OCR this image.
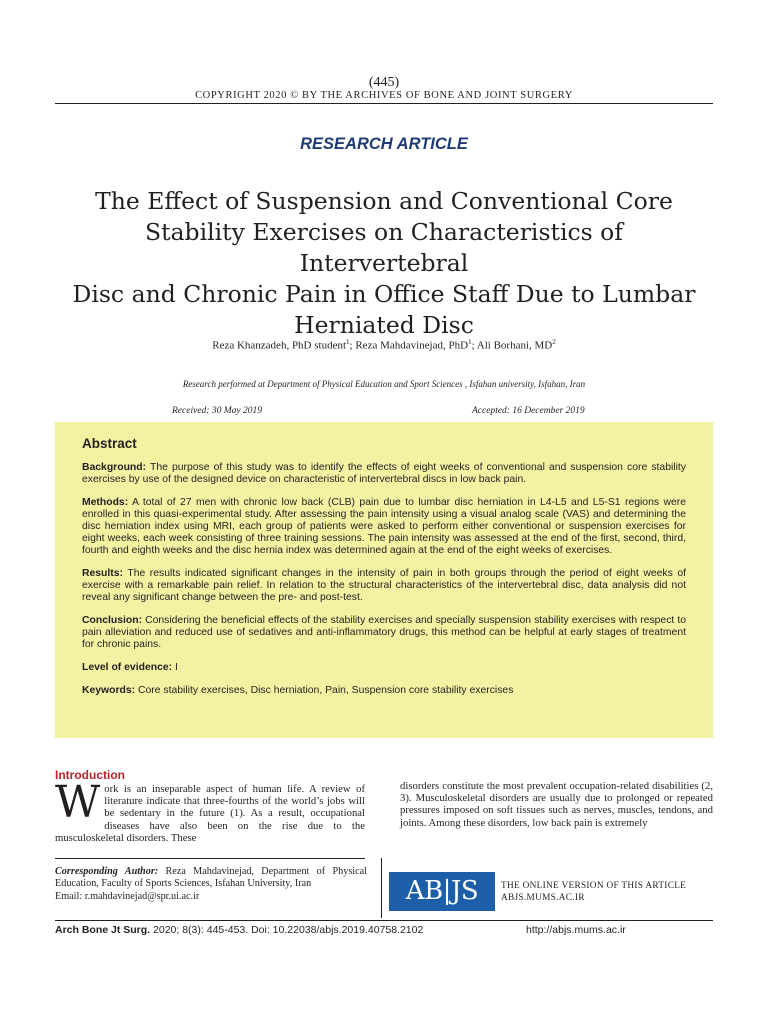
(445)
COPYRIGHT 2020 © BY THE ARCHIVES OF BONE AND JOINT SURGERY
RESEARCH ARTICLE
The Effect of Suspension and Conventional Core
Stability Exercises on Characteristics of Intervertebral
Disc and Chronic Pain in Office Staff Due to Lumbar
Herniated Disc
Reza Khanzadeh, PhD student$^1$; Reza Mahdavinejad, PhD$^1$; Ali Borhani, $MD^2$
Research performed at Department of Physical Education and Sport Sciences , Isfahan university, Isfahan, Iran
Received: 30 May 2019	Accepted: 16 December 2019
Abstract

Background: The purpose of this study was to identify the effects of eight weeks of conventional and suspension core stability exercises by use of the designed device on characteristic of intervertebral discs in low back pain.

Methods: A total of 27 men with chronic low back (CLB) pain due to lumbar disc herniation in L4-L5 and L5-S1 regions were enrolled in this quasi-experimental study. After assessing the pain intensity using a visual analog scale (VAS) and determining the disc herniation index using MRI, each group of patients were asked to perform either conventional or suspension exercises for eight weeks, each week consisting of three training sessions. The pain intensity was assessed at the end of the first, second, third, fourth and eighth weeks and the disc hernia index was determined again at the end of the eight weeks of exercises.

Results: The results indicated significant changes in the intensity of pain in both groups through the period of eight weeks of exercise with a remarkable pain relief. In relation to the structural characteristics of the intervertebral disc, data analysis did not reveal any significant change between the pre- and post-test.

Conclusion: Considering the beneficial effects of the stability exercises and specially suspension stability exercises with respect to pain alleviation and reduced use of sedatives and anti-inflammatory drugs, this method can be helpful at early stages of treatment for chronic pains.

Level of evidence: I

Keywords: Core stability exercises, Disc herniation, Pain, Suspension core stability exercises

Introduction

Work is an inseparable aspect of human life. A review of literature indicate that three-fourths of the world’s jobs will be sedentary in the future (1). As a result, occupational diseases have also been on the rise due to the musculoskeletal disorders. These

disorders constitute the most prevalent occupation-related disabilities (2, 3). Musculoskeletal disorders are usually due to prolonged or repeated pressures imposed on soft tissues such as nerves, muscles, tendons, and joints. Among these disorders, low back pain is extremely

Corresponding Author: Reza Mahdavinejad, Department of Physical Education, Faculty of Sports Sciences, Isfahan University, Iran
Email: r.mahdavinejad@spr.ui.ac.ir	AB|JS	THE ONLINE VERSION OF THIS ARTICLE
ABJS.MUMS.AC.IR
Arch Bone Jt Surg. 2020; 8(3): 445-453. Doi: 10.22038/abjs.2019.40758.2102	http://abjs.mums.ac.ir
